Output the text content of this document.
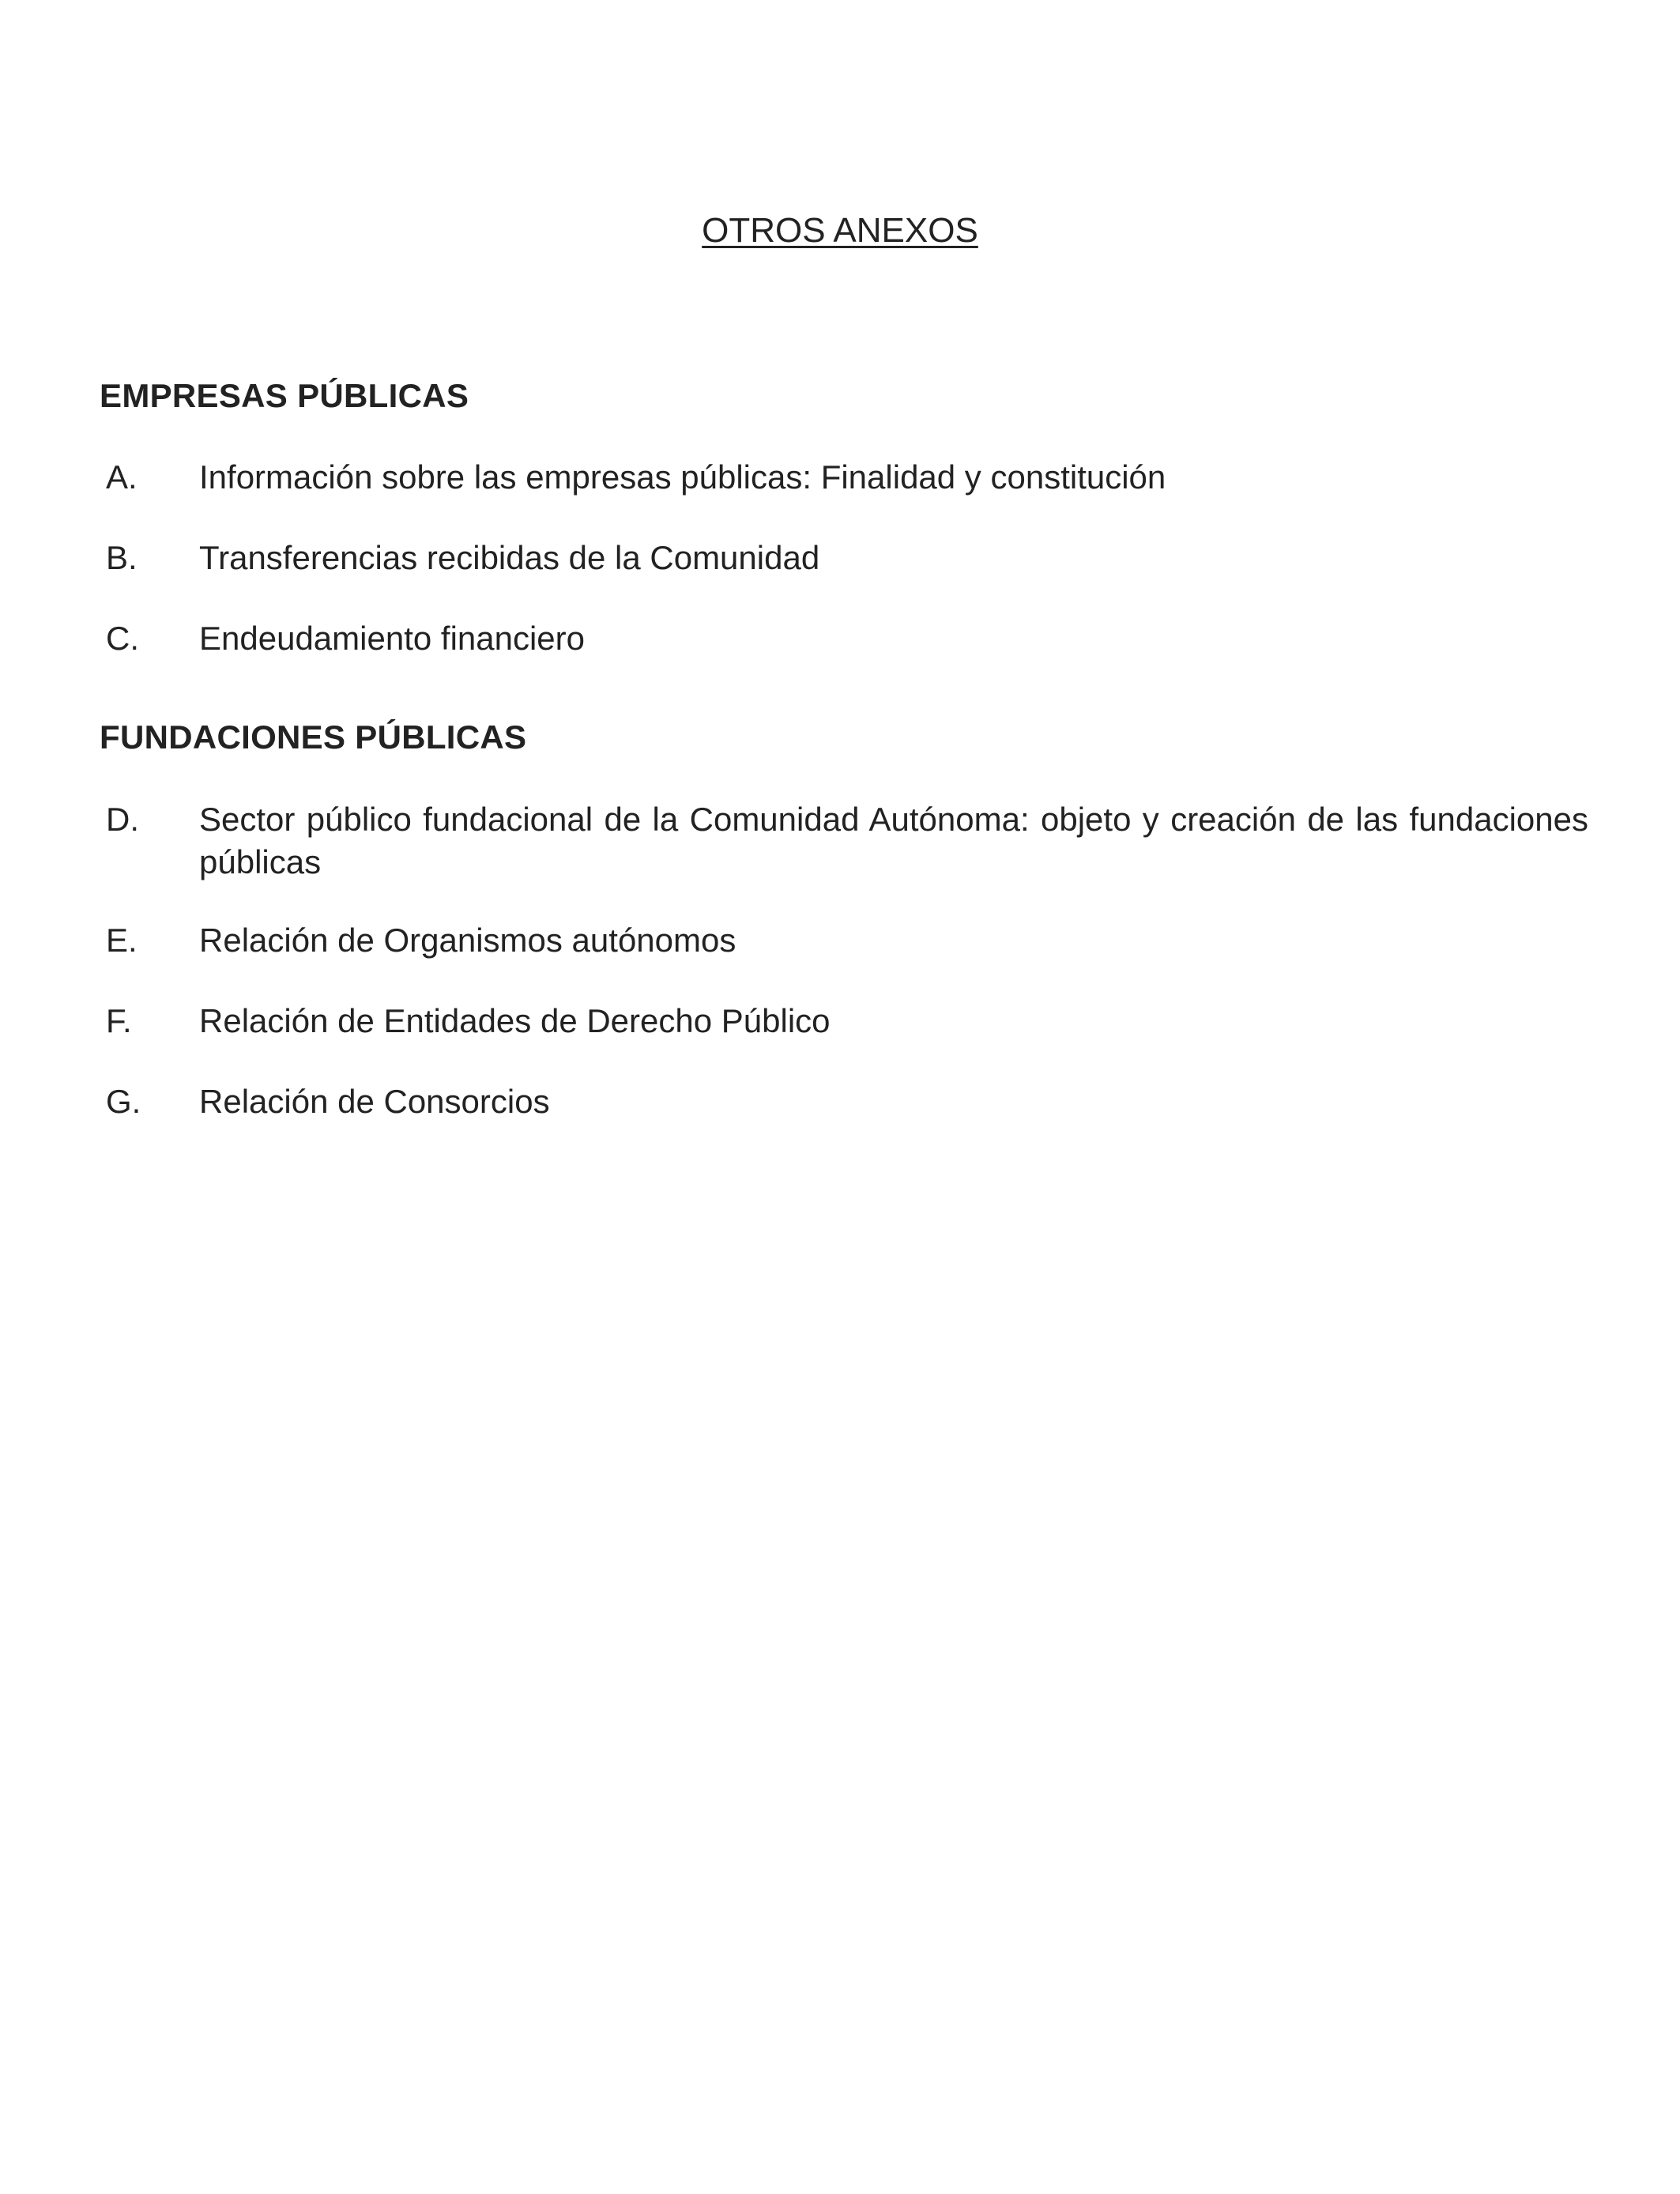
OTROS ANEXOS
EMPRESAS PÚBLICAS
A.	Información sobre las empresas públicas: Finalidad y constitución
B.	Transferencias recibidas de la Comunidad
C.	Endeudamiento financiero
FUNDACIONES PÚBLICAS
D.	Sector público fundacional de la Comunidad Autónoma: objeto y creación de las fundaciones públicas
E.	Relación de Organismos autónomos
F.	Relación de Entidades de Derecho Público
G.	Relación de Consorcios
